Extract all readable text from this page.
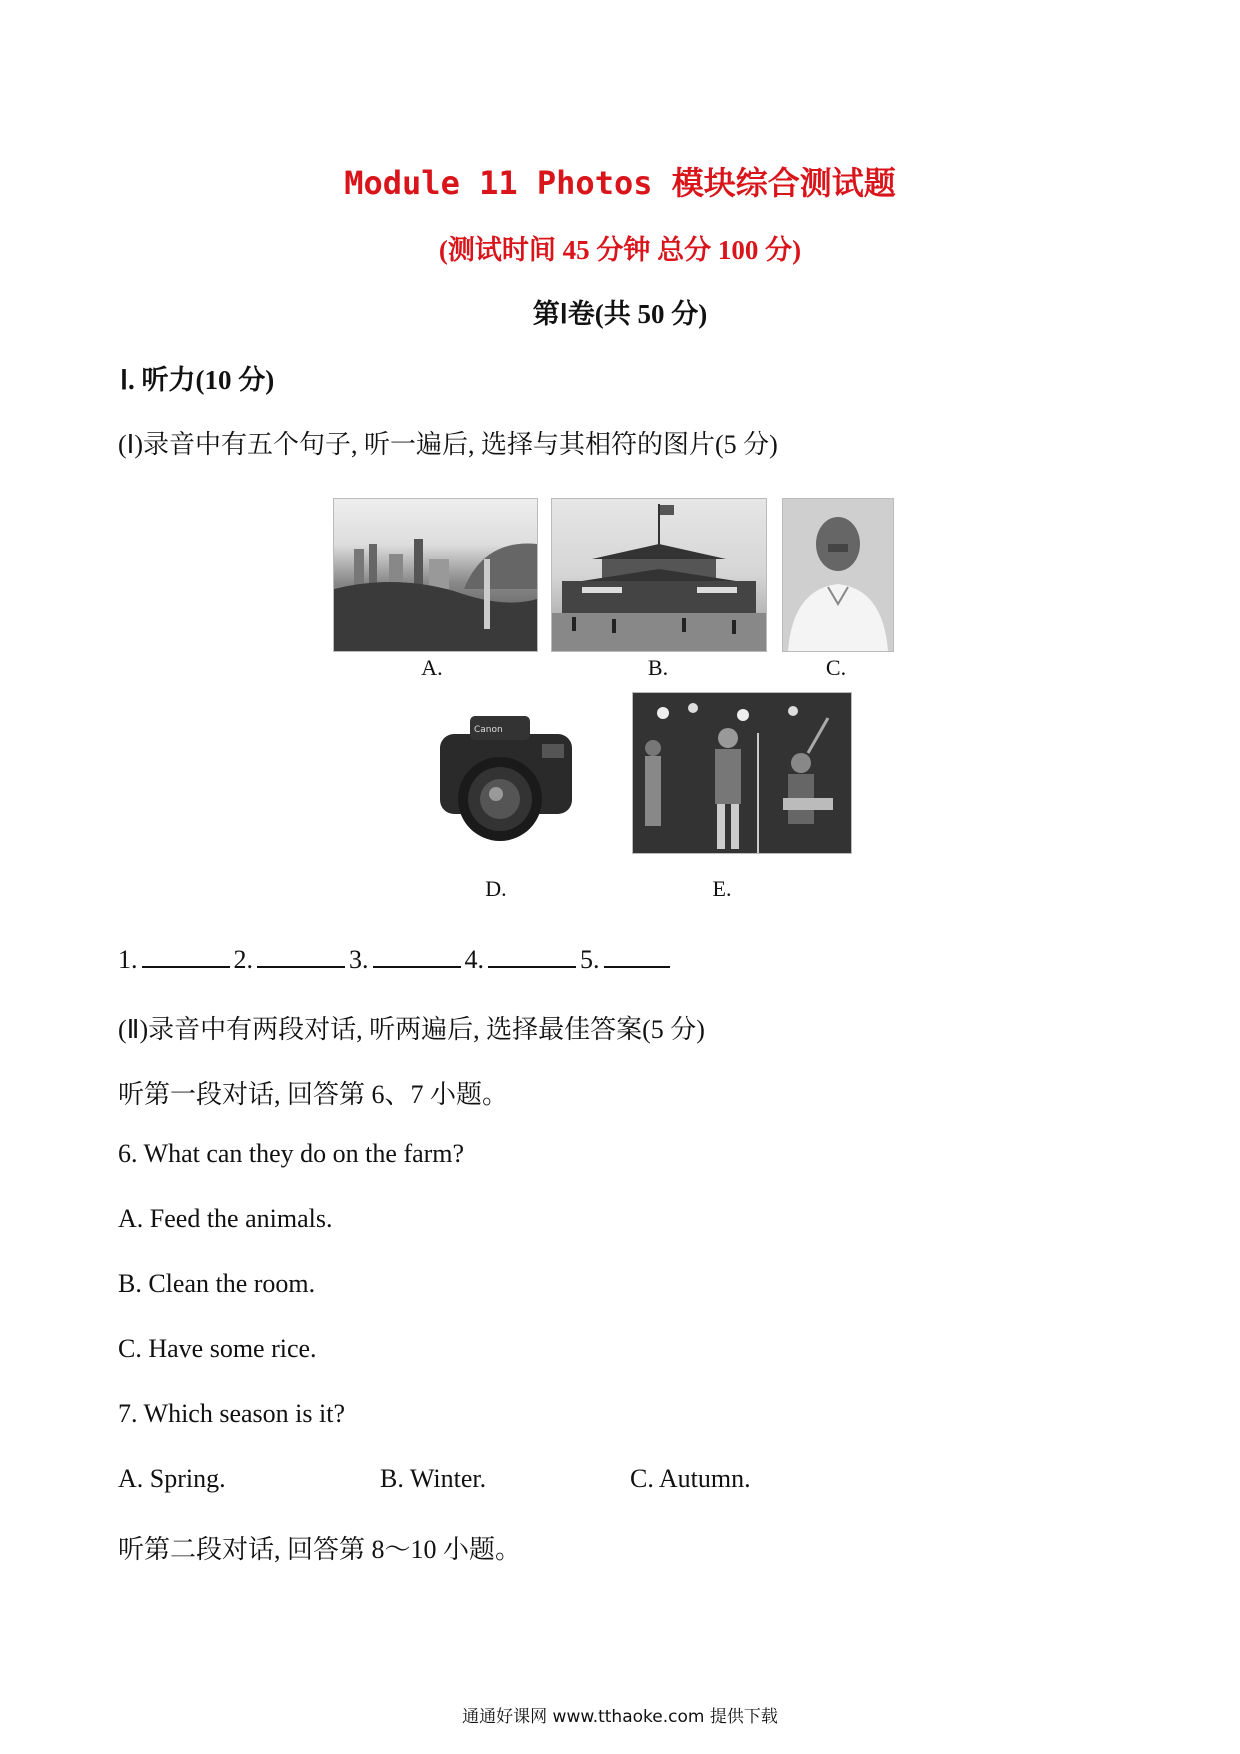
Module 11 Photos 模块综合测试题
(测试时间 45 分钟 总分 100 分)
第Ⅰ卷(共 50 分)
Ⅰ. 听力(10 分)
(Ⅰ)录音中有五个句子, 听一遍后, 选择与其相符的图片(5 分)
A.	B.	C.
Canon
D.	E.
1.	2.	3.	4.	5.
(Ⅱ)录音中有两段对话, 听两遍后, 选择最佳答案(5 分)
听第一段对话, 回答第 6、7 小题。
6. What can they do on the farm?
A. Feed the animals.
B. Clean the room.
C. Have some rice.
7. Which season is it?
A. Spring.	B. Winter.	C. Autumn.
听第二段对话, 回答第 8～10 小题。
通通好课网 www.tthaoke.com 提供下载
